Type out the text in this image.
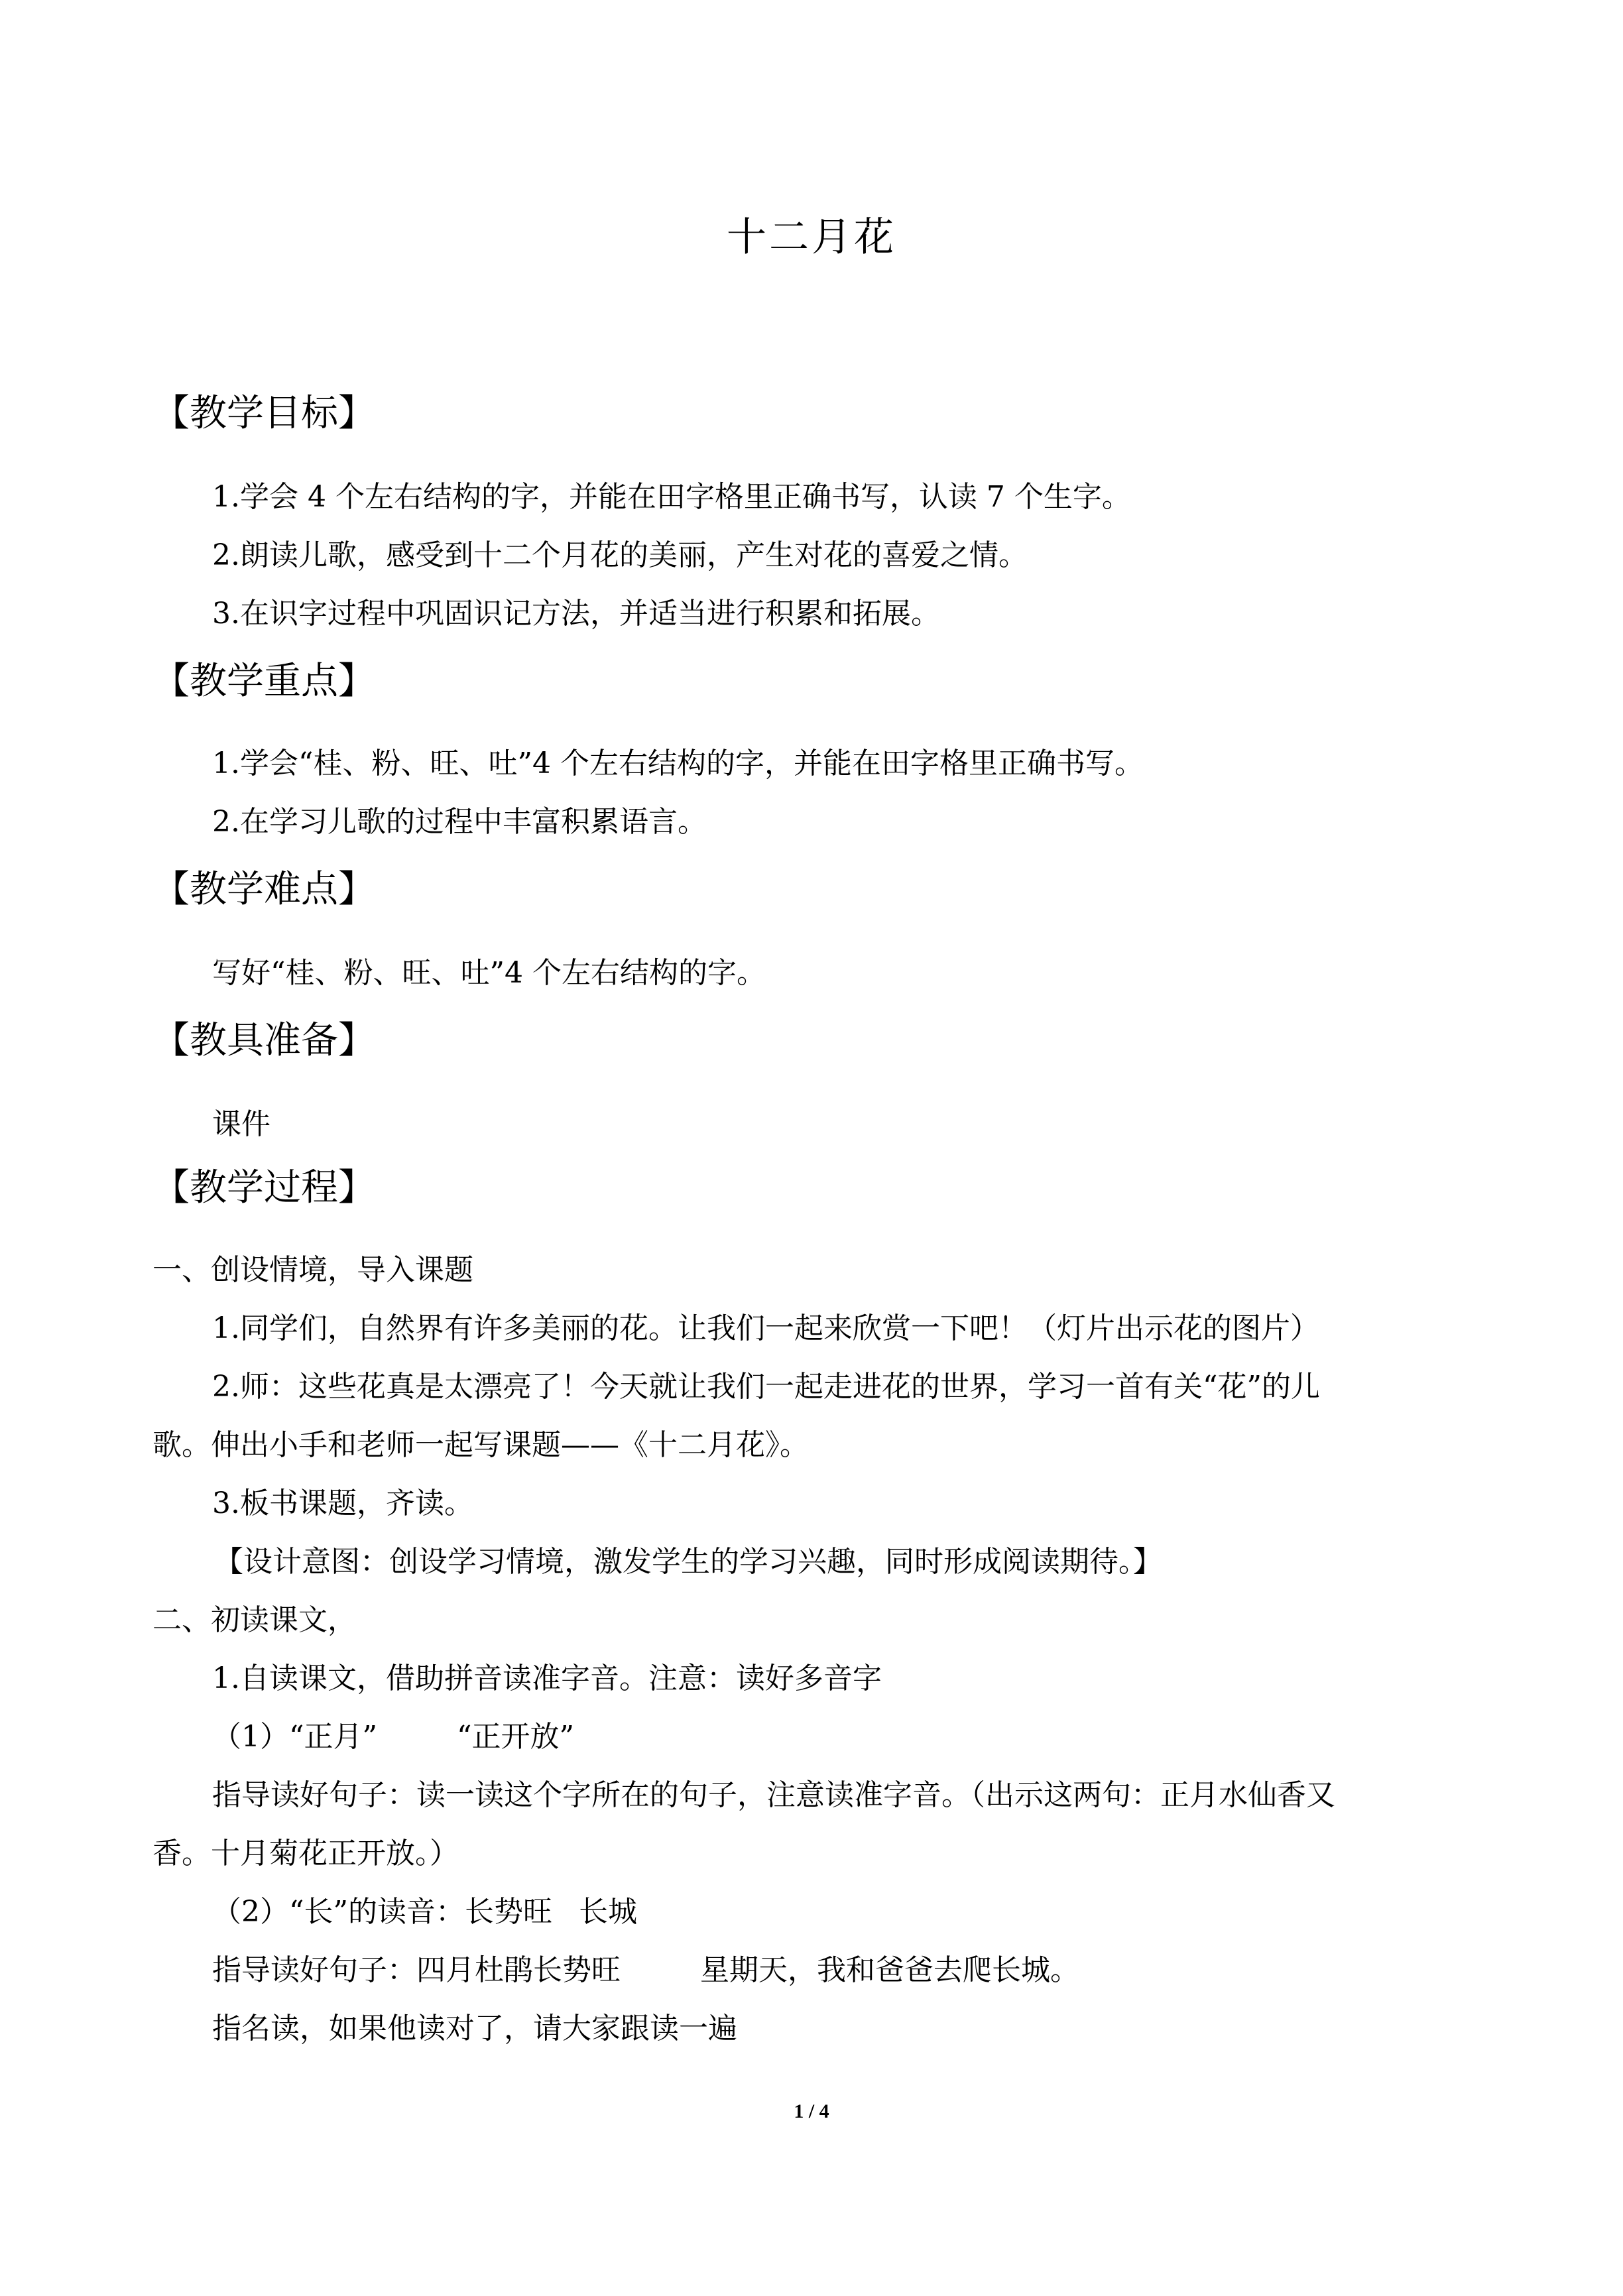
十二月花
【教学目标】
1.学会 4 个左右结构的字，并能在田字格里正确书写，认读 7 个生字。
2.朗读儿歌，感受到十二个月花的美丽，产生对花的喜爱之情。
3.在识字过程中巩固识记方法，并适当进行积累和拓展。
【教学重点】
1.学会“桂、粉、旺、吐”4 个左右结构的字，并能在田字格里正确书写。
2.在学习儿歌的过程中丰富积累语言。
【教学难点】
写好“桂、粉、旺、吐”4 个左右结构的字。
【教具准备】
课件
【教学过程】
一、创设情境，导入课题
1.同学们，自然界有许多美丽的花。让我们一起来欣赏一下吧！（灯片出示花的图片）
2.师：这些花真是太漂亮了！今天就让我们一起走进花的世界，学习一首有关“花”的儿
歌。伸出小手和老师一起写课题——《十二月花》。
3.板书课题，齐读。
【设计意图：创设学习情境，激发学生的学习兴趣，同时形成阅读期待。】
二、初读课文，
1.自读课文，借助拼音读准字音。注意：读好多音字
（1）“正月”	“正开放”
指导读好句子：读一读这个字所在的句子，注意读准字音。（出示这两句：正月水仙香又
香。十月菊花正开放。）
（2）“长”的读音：长势旺 长城
指导读好句子：四月杜鹃长势旺	星期天，我和爸爸去爬长城。
指名读，如果他读对了，请大家跟读一遍
1 / 4
